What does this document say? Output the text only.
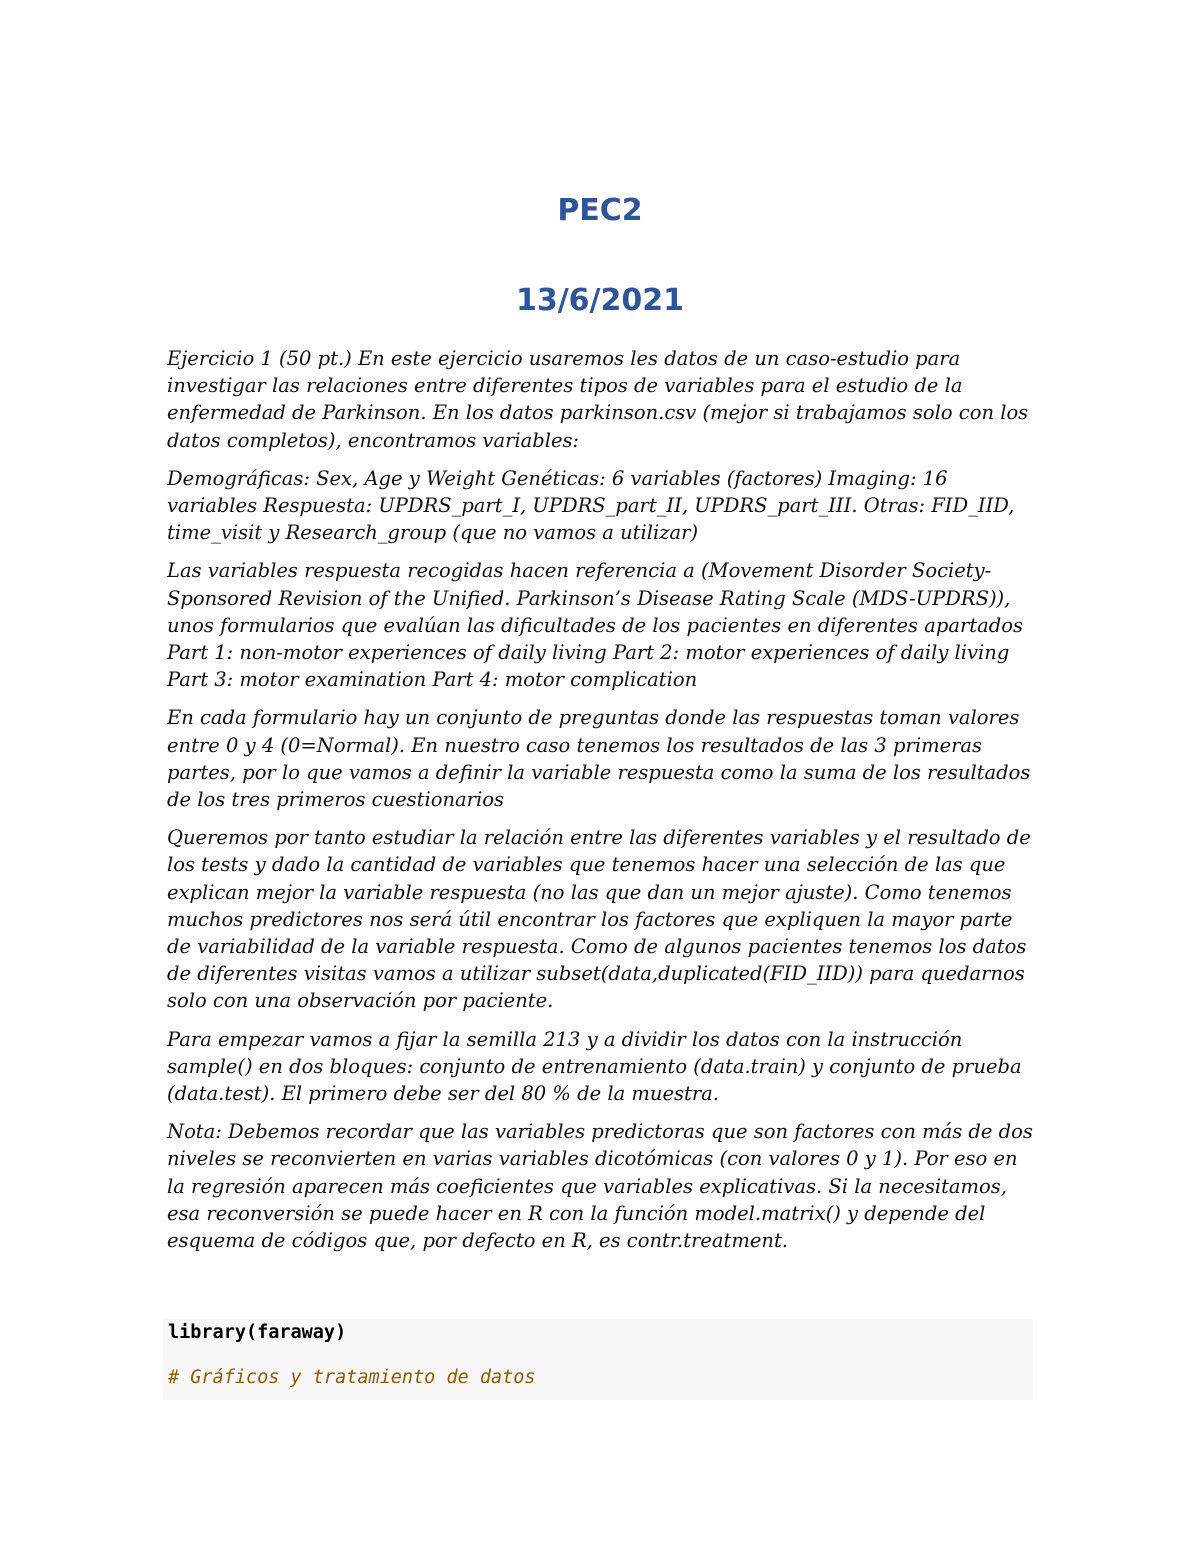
PEC2
13/6/2021

Ejercicio 1 (50 pt.) En este ejercicio usaremos les datos de un caso-estudio para investigar las relaciones entre diferentes tipos de variables para el estudio de la enfermedad de Parkinson. En los datos parkinson.csv (mejor si trabajamos solo con los datos completos), encontramos variables:

Demográficas: Sex, Age y Weight Genéticas: 6 variables (factores) Imaging: 16 variables Respuesta: UPDRS_part_I, UPDRS_part_II, UPDRS_part_III. Otras: FID_IID, time_visit y Research_group (que no vamos a utilizar)

Las variables respuesta recogidas hacen referencia a (Movement Disorder Society-Sponsored Revision of the Unified. Parkinson’s Disease Rating Scale (MDS-UPDRS)), unos formularios que evalúan las dificultades de los pacientes en diferentes apartados Part 1: non-motor experiences of daily living Part 2: motor experiences of daily living Part 3: motor examination Part 4: motor complication

En cada formulario hay un conjunto de preguntas donde las respuestas toman valores entre 0 y 4 (0=Normal). En nuestro caso tenemos los resultados de las 3 primeras partes, por lo que vamos a definir la variable respuesta como la suma de los resultados de los tres primeros cuestionarios

Queremos por tanto estudiar la relación entre las diferentes variables y el resultado de los tests y dado la cantidad de variables que tenemos hacer una selección de las que explican mejor la variable respuesta (no las que dan un mejor ajuste). Como tenemos muchos predictores nos será útil encontrar los factores que expliquen la mayor parte de variabilidad de la variable respuesta. Como de algunos pacientes tenemos los datos de diferentes visitas vamos a utilizar subset(data,duplicated(FID_IID)) para quedarnos solo con una observación por paciente.

Para empezar vamos a fijar la semilla 213 y a dividir los datos con la instrucción sample() en dos bloques: conjunto de entrenamiento (data.train) y conjunto de prueba (data.test). El primero debe ser del 80 % de la muestra.

Nota: Debemos recordar que las variables predictoras que son factores con más de dos niveles se reconvierten en varias variables dicotómicas (con valores 0 y 1). Por eso en la regresión aparecen más coeficientes que variables explicativas. Si la necesitamos, esa reconversión se puede hacer en R con la función model.matrix() y depende del esquema de códigos que, por defecto en R, es contr.treatment.

library(faraway)
# Gráficos y tratamiento de datos
